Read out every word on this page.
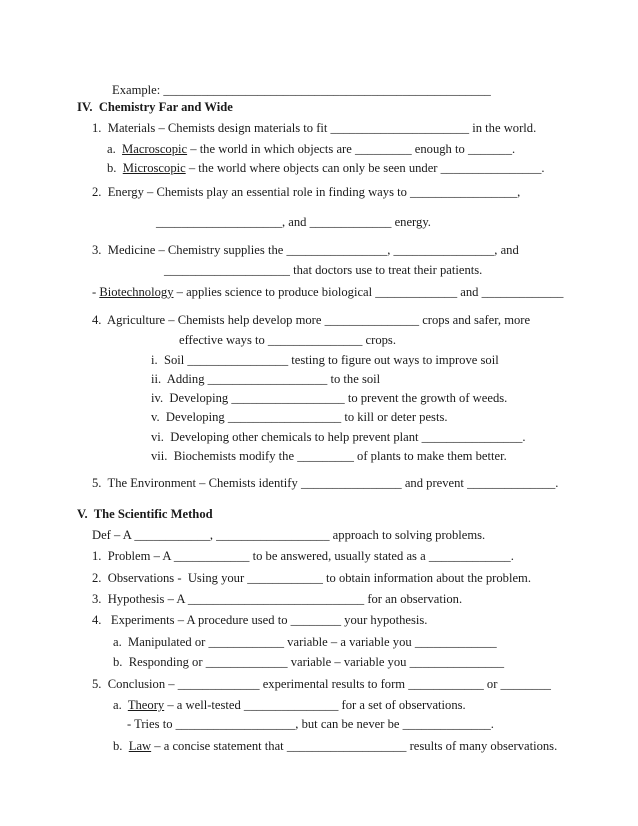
Example: ____________________________________________________
IV.  Chemistry Far and Wide
1.  Materials – Chemists design materials to fit ______________________ in the world.
a.  Macroscopic – the world in which objects are _________ enough to _______.
b.  Microscopic – the world where objects can only be seen under ________________.
2.  Energy – Chemists play an essential role in finding ways to _________________,
____________________, and _____________ energy.
3.  Medicine – Chemistry supplies the ________________, ________________, and
____________________ that doctors use to treat their patients.
- Biotechnology – applies science to produce biological _____________ and _____________
4.  Agriculture – Chemists help develop more _______________ crops and safer, more
effective ways to _______________ crops.
i.  Soil ________________ testing to figure out ways to improve soil
ii.  Adding ___________________ to the soil
iv.  Developing __________________ to prevent the growth of weeds.
v.  Developing __________________ to kill or deter pests.
vi.  Developing other chemicals to help prevent plant ________________.
vii.  Biochemists modify the _________ of plants to make them better.
5.  The Environment – Chemists identify ________________ and prevent ______________.
V.  The Scientific Method
Def – A ____________, __________________ approach to solving problems.
1.  Problem – A ____________ to be answered, usually stated as a _____________.
2.  Observations -  Using your ____________ to obtain information about the problem.
3.  Hypothesis – A ____________________________ for an observation.
4.   Experiments – A procedure used to ________ your hypothesis.
a.  Manipulated or ____________ variable – a variable you _____________
b.  Responding or _____________ variable – variable you _______________
5.  Conclusion – _____________ experimental results to form ____________ or ________
a.  Theory – a well-tested _______________ for a set of observations.
- Tries to ___________________, but can be never be ______________.
b.  Law – a concise statement that ___________________ results of many observations.
